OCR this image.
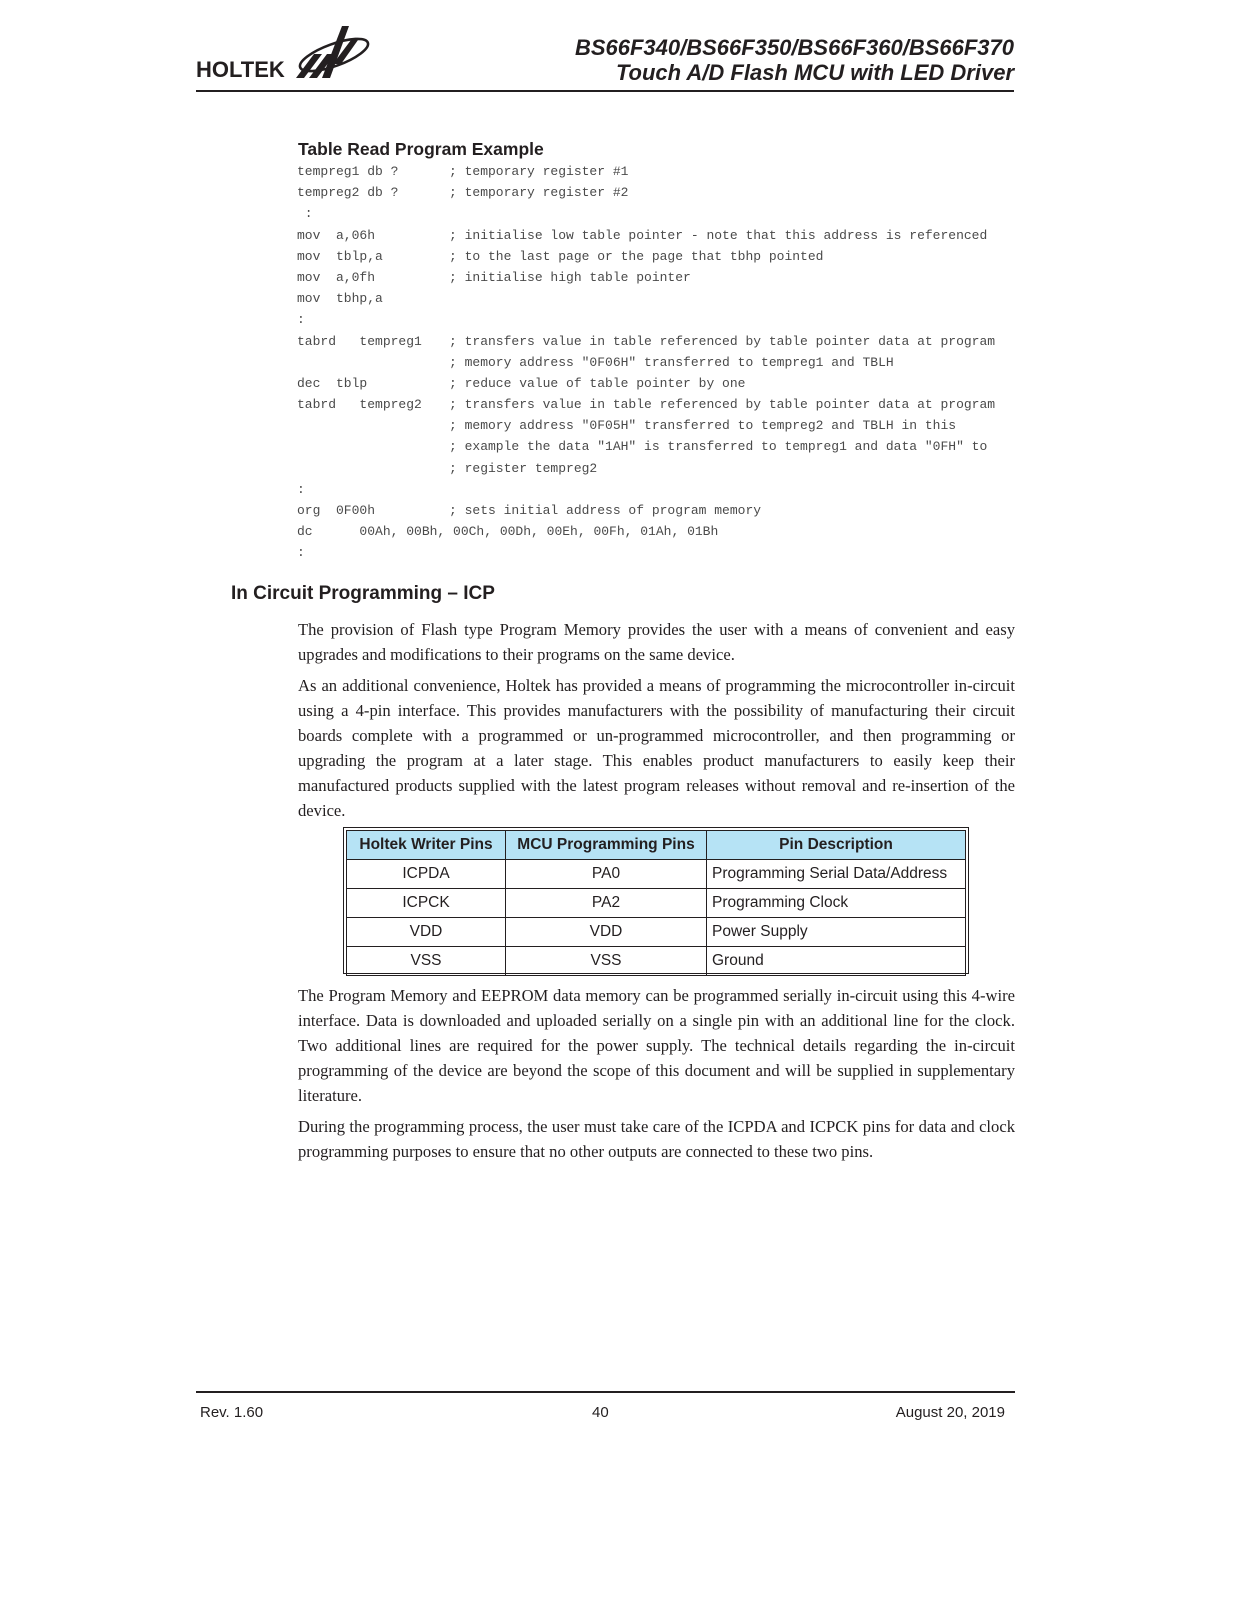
HOLTEK
BS66F340/BS66F350/BS66F360/BS66F370
Touch A/D Flash MCU with LED Driver
Table Read Program Example
tempreg1 db ?	; temporary register #1
tempreg2 db ?	; temporary register #2
:
mov  a,06h	; initialise low table pointer - note that this address is referenced
mov  tblp,a	; to the last page or the page that tbhp pointed
mov  a,0fh	; initialise high table pointer
mov  tbhp,a
:
tabrd   tempreg1 ; transfers value in table referenced by table pointer data at program
; memory address "0F06H" transferred to tempreg1 and TBLH
dec  tblp	; reduce value of table pointer by one
tabrd   tempreg2 ; transfers value in table referenced by table pointer data at program
; memory address "0F05H" transferred to tempreg2 and TBLH in this
; example the data "1AH" is transferred to tempreg1 and data "0FH" to
; register tempreg2
:
org  0F00h	; sets initial address of program memory
dc      00Ah, 00Bh, 00Ch, 00Dh, 00Eh, 00Fh, 01Ah, 01Bh
:
In Circuit Programming – ICP

The provision of Flash type Program Memory provides the user with a means of convenient and easy upgrades and modifications to their programs on the same device.

As an additional convenience, Holtek has provided a means of programming the microcontroller in-circuit using a 4-pin interface. This provides manufacturers with the possibility of manufacturing their circuit boards complete with a programmed or un-programmed microcontroller, and then programming or upgrading the program at a later stage. This enables product manufacturers to easily keep their manufactured products supplied with the latest program releases without removal and re-insertion of the device.

Holtek Writer Pins	MCU Programming Pins	Pin Description
ICPDA	PA0	Programming Serial Data/Address
ICPCK	PA2	Programming Clock
VDD	VDD	Power Supply
VSS	VSS	Ground

The Program Memory and EEPROM data memory can be programmed serially in-circuit using this 4-wire interface. Data is downloaded and uploaded serially on a single pin with an additional line for the clock. Two additional lines are required for the power supply. The technical details regarding the in-circuit programming of the device are beyond the scope of this document and will be supplied in supplementary literature.

During the programming process, the user must take care of the ICPDA and ICPCK pins for data and clock programming purposes to ensure that no other outputs are connected to these two pins.

Rev. 1.60	40	August 20, 2019
